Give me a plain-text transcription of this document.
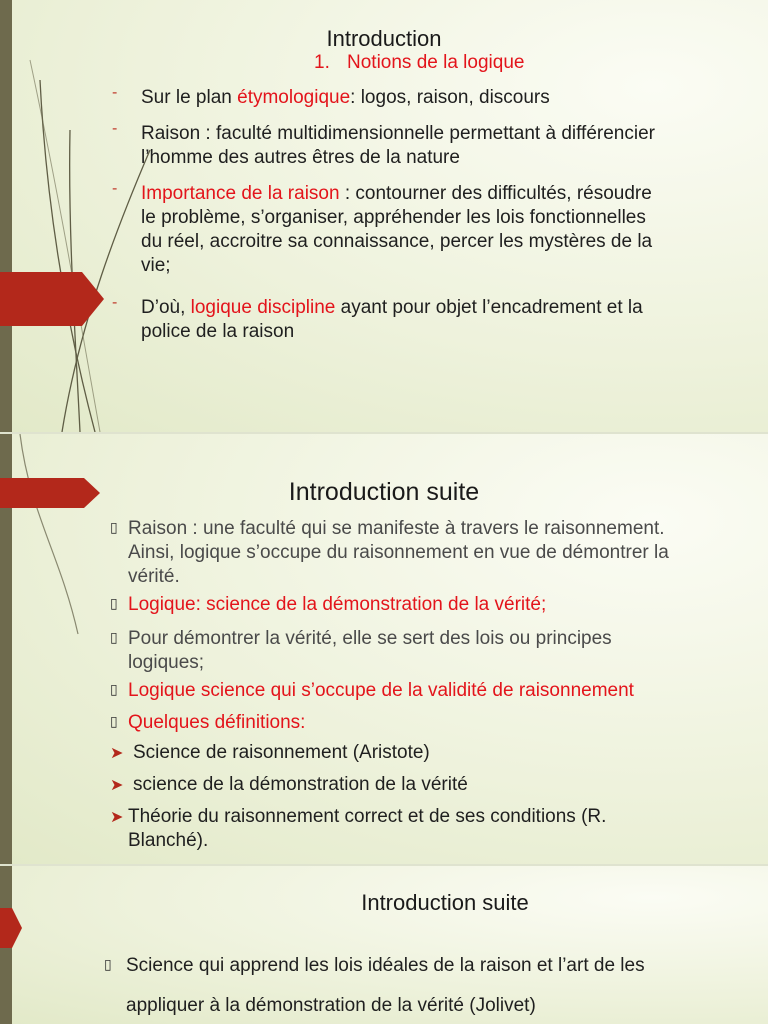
Introduction
1. Notions de la logique
- Sur le plan étymologique: logos, raison, discours
- Raison : faculté multidimensionnelle permettant à différencier
l’homme des autres êtres de la nature
- Importance de la raison : contourner des difficultés, résoudre
le problème, s’organiser, appréhender les lois fonctionnelles
du réel, accroitre sa connaissance, percer les mystères de la
vie;
- D’où, logique discipline ayant pour objet l’encadrement et la
police de la raison
Introduction suite
▯ Raison : une faculté qui se manifeste à travers le raisonnement.
Ainsi, logique s’occupe du raisonnement en vue de démontrer la
vérité.
▯ Logique: science de la démonstration de la vérité;
▯ Pour démontrer la vérité, elle se sert des lois ou principes
logiques;
▯ Logique science qui s’occupe de la validité de raisonnement
▯ Quelques définitions:
➤ Science de raisonnement (Aristote)
➤ science de la démonstration de la vérité
➤ Théorie du raisonnement correct et de ses conditions (R.
Blanché).
Introduction suite
▯ Science qui apprend les lois idéales de la raison et l’art de les
appliquer à la démonstration de la vérité (Jolivet)
